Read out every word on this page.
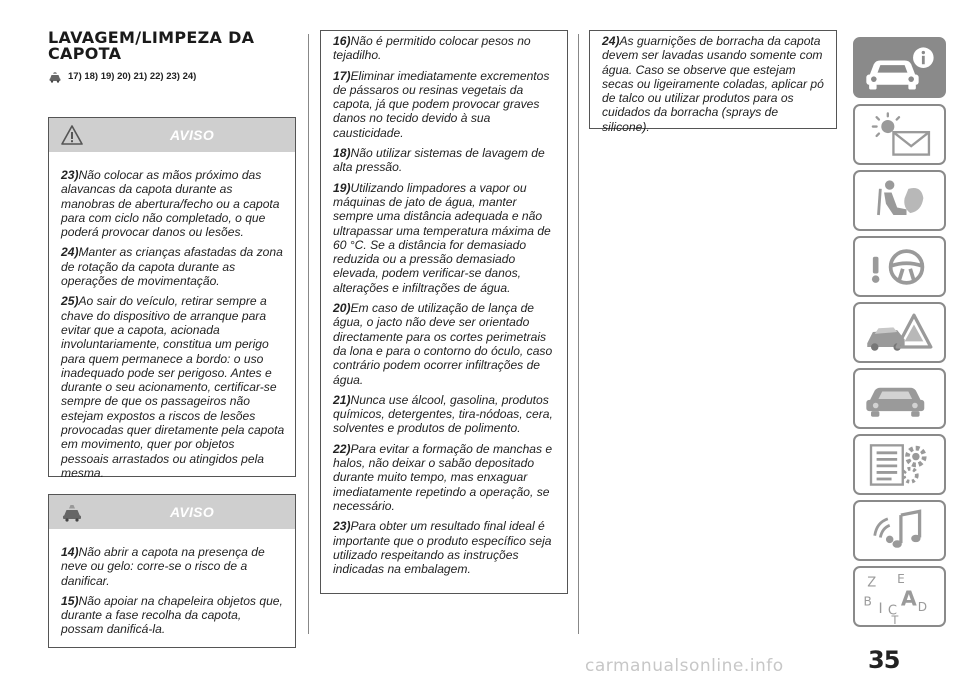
LAVAGEM/LIMPEZA DA CAPOTA
17) 18) 19) 20) 21) 22) 23) 24)
AVISO

23)Não colocar as mãos próximo das alavancas da capota durante as manobras de abertura/fecho ou a capota para com ciclo não completado, o que poderá provocar danos ou lesões.

24)Manter as crianças afastadas da zona de rotação da capota durante as operações de movimentação.

25)Ao sair do veículo, retirar sempre a chave do dispositivo de arranque para evitar que a capota, acionada involuntariamente, constitua um perigo para quem permanece a bordo: o uso inadequado pode ser perigoso. Antes e durante o seu acionamento, certificar-se sempre de que os passageiros não estejam expostos a riscos de lesões provocadas quer diretamente pela capota em movimento, quer por objetos pessoais arrastados ou atingidos pela mesma.

AVISO

14)Não abrir a capota na presença de neve ou gelo: corre-se o risco de a danificar.

15)Não apoiar na chapeleira objetos que, durante a fase recolha da capota, possam danificá-la.

16)Não é permitido colocar pesos no tejadilho.

17)Eliminar imediatamente excrementos de pássaros ou resinas vegetais da capota, já que podem provocar graves danos no tecido devido à sua causticidade.

18)Não utilizar sistemas de lavagem de alta pressão.

19)Utilizando limpadores a vapor ou máquinas de jato de água, manter sempre uma distância adequada e não ultrapassar uma temperatura máxima de 60 °C. Se a distância for demasiado reduzida ou a pressão demasiado elevada, podem verificar-se danos, alterações e infiltrações de água.

20)Em caso de utilização de lança de água, o jacto não deve ser orientado directamente para os cortes perimetrais da lona e para o contorno do óculo, caso contrário podem ocorrer infiltrações de água.

21)Nunca use álcool, gasolina, produtos químicos, detergentes, tira-nódoas, cera, solventes e produtos de polimento.

22)Para evitar a formação de manchas e halos, não deixar o sabão depositado durante muito tempo, mas enxaguar imediatamente repetindo a operação, se necessário.

23)Para obter um resultado final ideal é importante que o produto específico seja utilizado respeitando as instruções indicadas na embalagem.

24)As guarnições de borracha da capota devem ser lavadas usando somente com água. Caso se observe que estejam secas ou ligeiramente coladas, aplicar pó de talco ou utilizar produtos para os cuidados da borracha (sprays de silicone).

Z E
B A D
I C
T
35
carmanualsonline.info
